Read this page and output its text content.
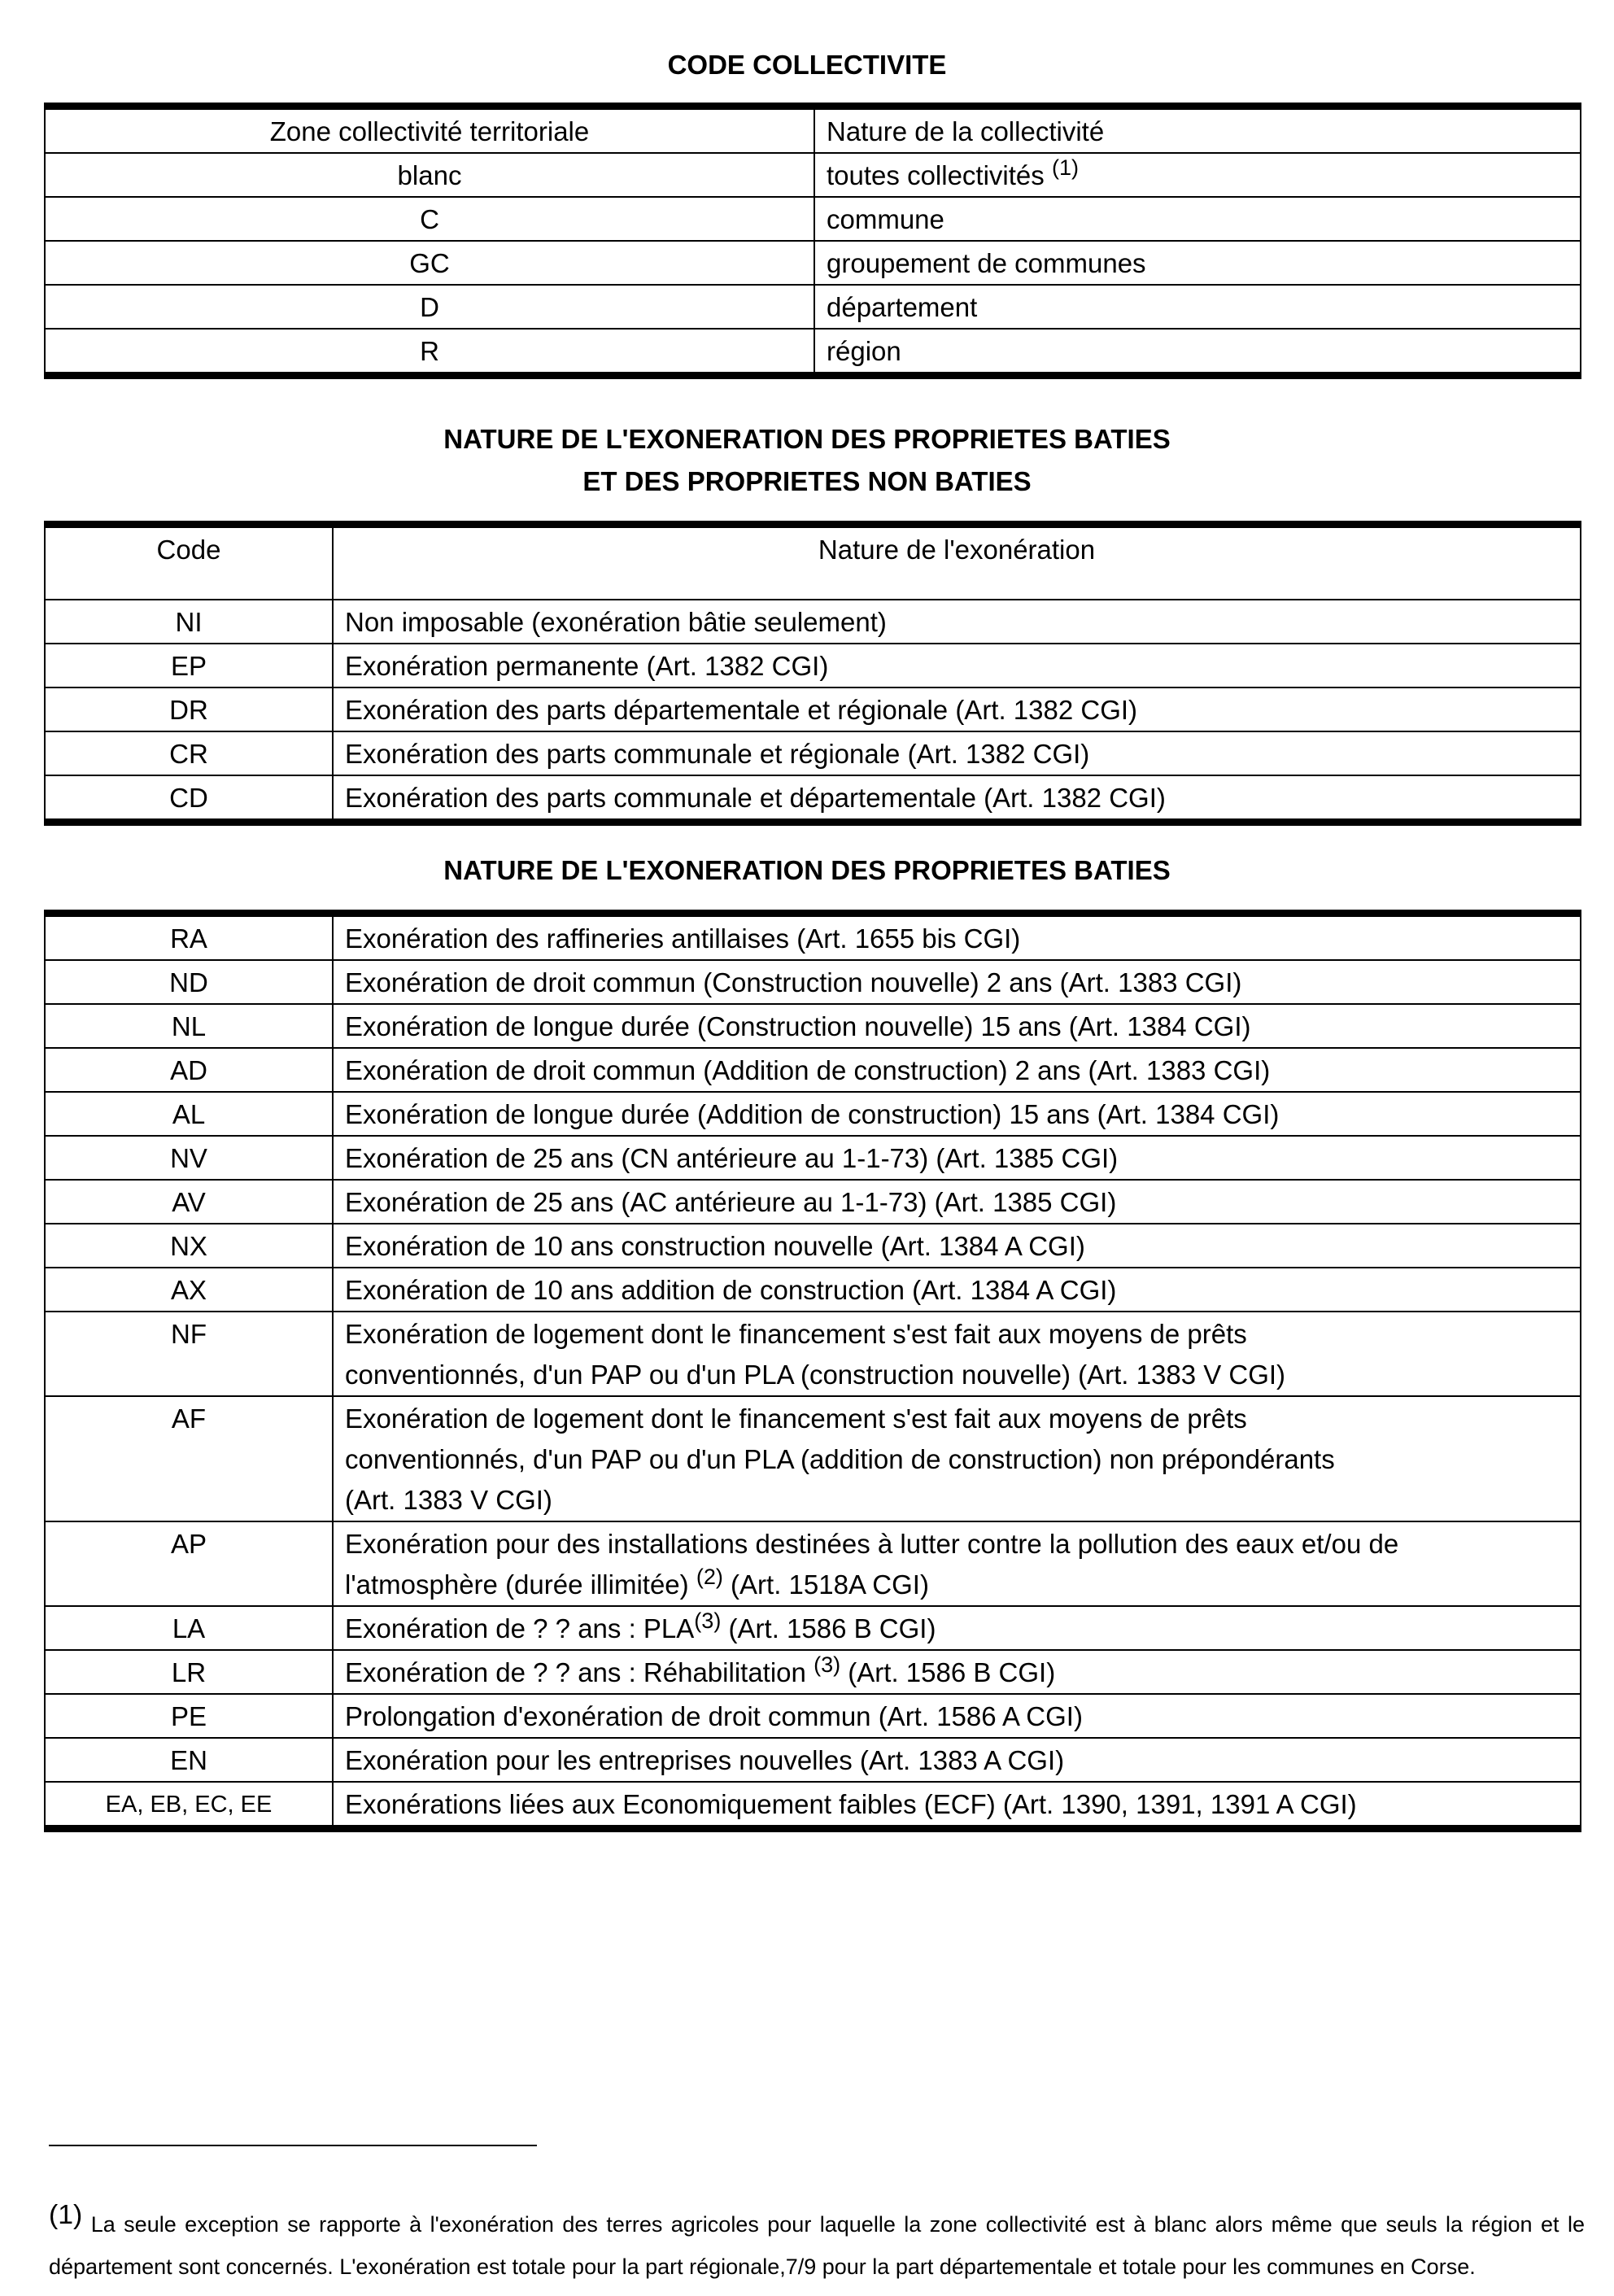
CODE COLLECTIVITE
Zone collectivité territoriale	Nature de la collectivité
blanc	toutes collectivités $^{(1)}$
C	commune
GC	groupement de communes
D	département
R	région
NATURE DE L'EXONERATION DES PROPRIETES BATIES
ET DES PROPRIETES NON BATIES
Code	Nature de l'exonération
NI	Non imposable (exonération bâtie seulement)
EP	Exonération permanente (Art. 1382 CGI)
DR	Exonération des parts départementale et régionale (Art. 1382 CGI)
CR	Exonération des parts communale et régionale (Art. 1382 CGI)
CD	Exonération des parts communale et départementale (Art. 1382 CGI)
NATURE DE L'EXONERATION DES PROPRIETES BATIES
RA	Exonération des raffineries antillaises (Art. 1655 bis CGI)
ND	Exonération de droit commun (Construction nouvelle) 2 ans (Art. 1383 CGI)
NL	Exonération de longue durée (Construction nouvelle) 15 ans (Art. 1384 CGI)
AD	Exonération de droit commun (Addition de construction) 2 ans (Art. 1383 CGI)
AL	Exonération de longue durée (Addition de construction) 15 ans (Art. 1384 CGI)
NV	Exonération de 25 ans (CN antérieure au 1-1-73) (Art. 1385 CGI)
AV	Exonération de 25 ans (AC antérieure au 1-1-73) (Art. 1385 CGI)
NX	Exonération de 10 ans construction nouvelle (Art. 1384 A CGI)
AX	Exonération de 10 ans addition de construction (Art. 1384 A CGI)
NF	Exonération de logement dont le financement s'est fait aux moyens de prêts
conventionnés, d'un PAP ou d'un PLA (construction nouvelle) (Art. 1383 V CGI)

AF	Exonération de logement dont le financement s'est fait aux moyens de prêts
conventionnés, d'un PAP ou d'un PLA (addition de construction) non prépondérants
(Art. 1383 V CGI)

AP	Exonération pour des installations destinées à lutter contre la pollution des eaux et/ou de
l'atmosphère (durée illimitée) $^{(2)}$ (Art. 1518A CGI)

LA	Exonération de ? ? ans : PLA$^{(3)}$ (Art. 1586 B CGI)
LR	Exonération de ? ? ans : Réhabilitation $^{(3)}$ (Art. 1586 B CGI)
PE	Prolongation d'exonération de droit commun (Art. 1586 A CGI)
EN	Exonération pour les entreprises nouvelles (Art. 1383 A CGI)
EA, EB, EC, EE	Exonérations liées aux Economiquement faibles (ECF) (Art. 1390, 1391, 1391 A CGI)

$^{(1)}$ La seule exception se rapporte à l'exonération des terres agricoles pour laquelle la zone collectivité est à blanc alors même que seuls la région et le département sont concernés. L'exonération est totale pour la part régionale,7/9 pour la part départementale et totale pour les communes en Corse.
